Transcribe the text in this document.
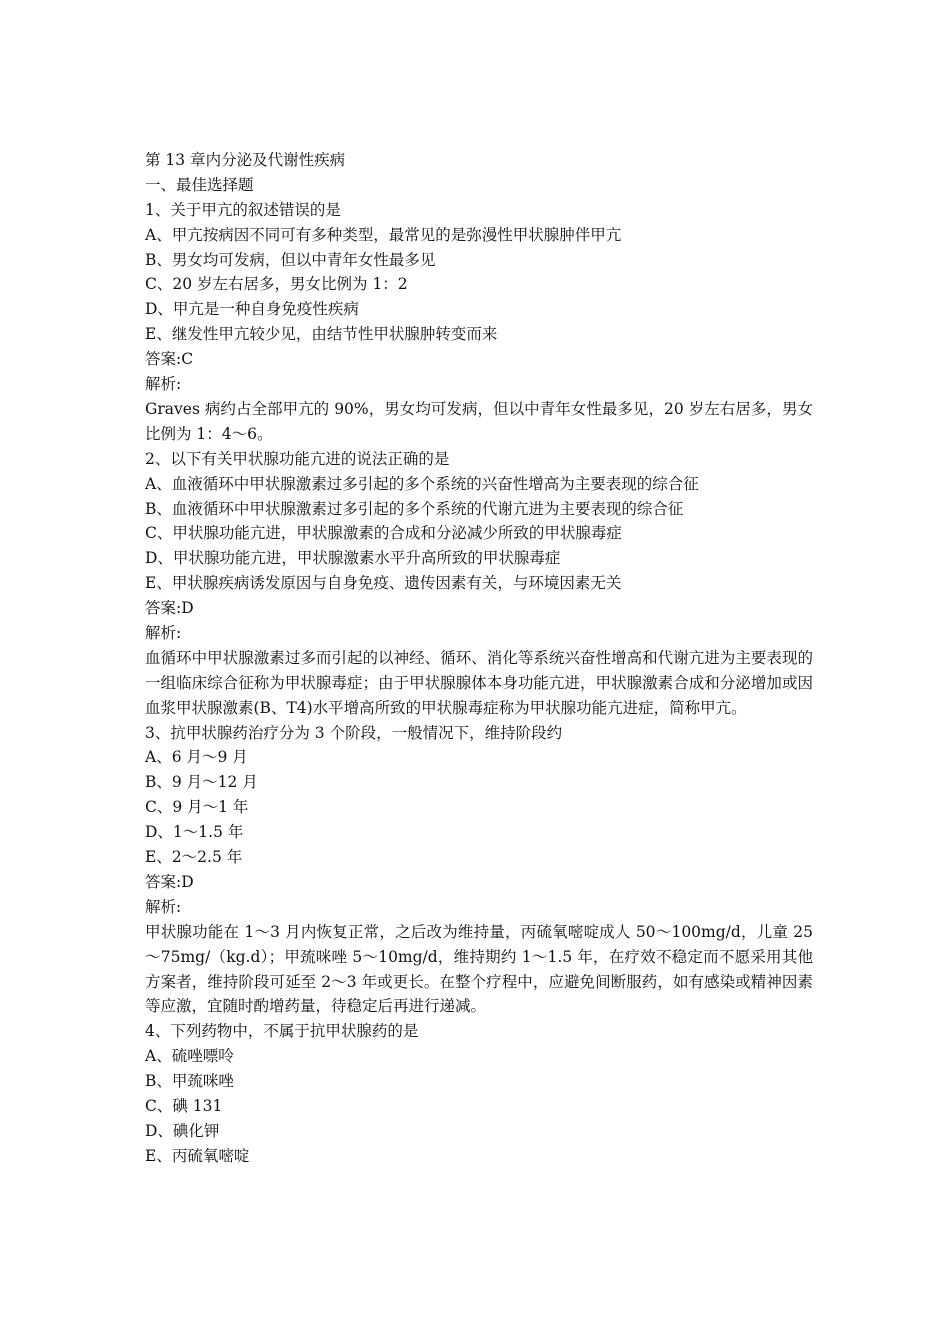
第 13 章内分泌及代谢性疾病
一、最佳选择题
1、关于甲亢的叙述错误的是
A、甲亢按病因不同可有多种类型，最常见的是弥漫性甲状腺肿伴甲亢
B、男女均可发病，但以中青年女性最多见
C、20 岁左右居多，男女比例为 1：2
D、甲亢是一种自身免疫性疾病
E、继发性甲亢较少见，由结节性甲状腺肿转变而来
答案:C
解析:
Graves 病约占全部甲亢的 90%，男女均可发病，但以中青年女性最多见，20 岁左右居多，男女比例为 1：4～6。
2、以下有关甲状腺功能亢进的说法正确的是
A、血液循环中甲状腺激素过多引起的多个系统的兴奋性增高为主要表现的综合征
B、血液循环中甲状腺激素过多引起的多个系统的代谢亢进为主要表现的综合征
C、甲状腺功能亢进，甲状腺激素的合成和分泌减少所致的甲状腺毒症
D、甲状腺功能亢进，甲状腺激素水平升高所致的甲状腺毒症
E、甲状腺疾病诱发原因与自身免疫、遗传因素有关，与环境因素无关
答案:D
解析:
血循环中甲状腺激素过多而引起的以神经、循环、消化等系统兴奋性增高和代谢亢进为主要表现的一组临床综合征称为甲状腺毒症；由于甲状腺腺体本身功能亢进，甲状腺激素合成和分泌增加或因血浆甲状腺激素(B、T4)水平增高所致的甲状腺毒症称为甲状腺功能亢进症，简称甲亢。
3、抗甲状腺药治疗分为 3 个阶段，一般情况下，维持阶段约
A、6 月～9 月
B、9 月～12 月
C、9 月～1 年
D、1～1.5 年
E、2～2.5 年
答案:D
解析:
甲状腺功能在 1～3 月内恢复正常，之后改为维持量，丙硫氧嘧啶成人 50～100mg/d，儿童 25～75mg/（kg.d）；甲巯咪唑 5～10mg/d，维持期约 1～1.5 年，在疗效不稳定而不愿采用其他方案者，维持阶段可延至 2～3 年或更长。在整个疗程中，应避免间断服药，如有感染或精神因素等应激，宜随时酌增药量，待稳定后再进行递减。
4、下列药物中，不属于抗甲状腺药的是
A、硫唑嘌呤
B、甲巯咪唑
C、碘 131
D、碘化钾
E、丙硫氧嘧啶
